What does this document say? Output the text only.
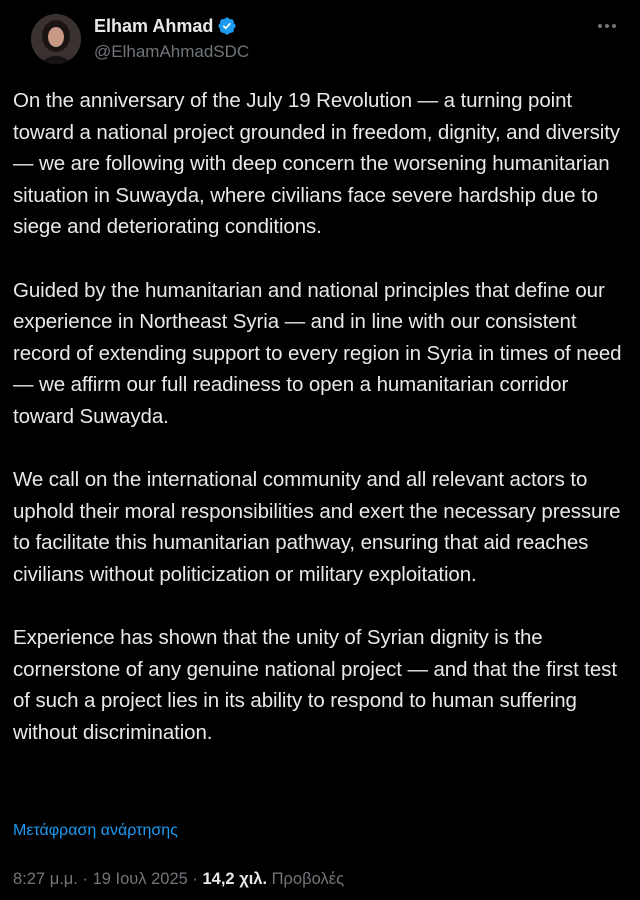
Elham Ahmad
@ElhamAhmadSDC

On the anniversary of the July 19 Revolution — a turning point toward a national project grounded in freedom, dignity, and diversity — we are following with deep concern the worsening humanitarian situation in Suwayda, where civilians face severe hardship due to siege and deteriorating conditions.

Guided by the humanitarian and national principles that define our experience in Northeast Syria — and in line with our consistent record of extending support to every region in Syria in times of need — we affirm our full readiness to open a humanitarian corridor toward Suwayda.

We call on the international community and all relevant actors to uphold their moral responsibilities and exert the necessary pressure to facilitate this humanitarian pathway, ensuring that aid reaches civilians without politicization or military exploitation.

Experience has shown that the unity of Syrian dignity is the cornerstone of any genuine national project — and that the first test of such a project lies in its ability to respond to human suffering without discrimination.

Μετάφραση ανάρτησης
8:27 μ.μ. · 19 Ιουλ 2025 · 14,2 χιλ. Προβολές
